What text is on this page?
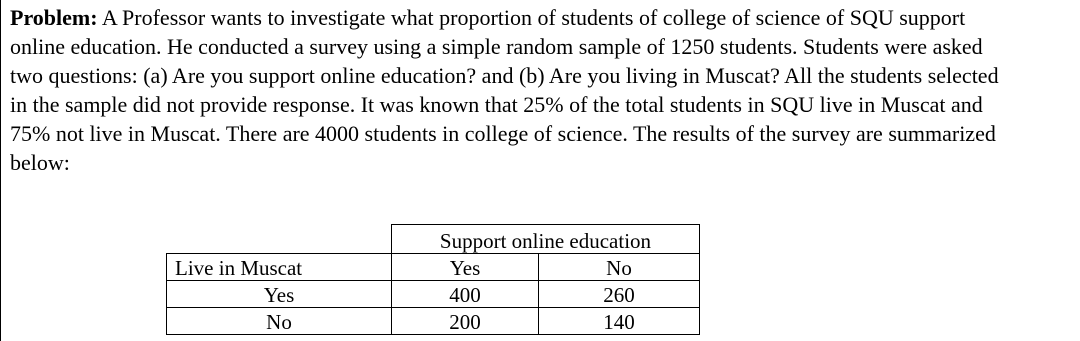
Problem: A Professor wants to investigate what proportion of students of college of science of SQU support online education. He conducted a survey using a simple random sample of 1250 students. Students were asked two questions: (a) Are you support online education? and (b) Are you living in Muscat? All the students selected in the sample did not provide response. It was known that 25% of the total students in SQU live in Muscat and 75% not live in Muscat. There are 4000 students in college of science. The results of the survey are summarized below:

	Support online education	
Live in Muscat	Yes	No
Yes	400	260
No	200	140
